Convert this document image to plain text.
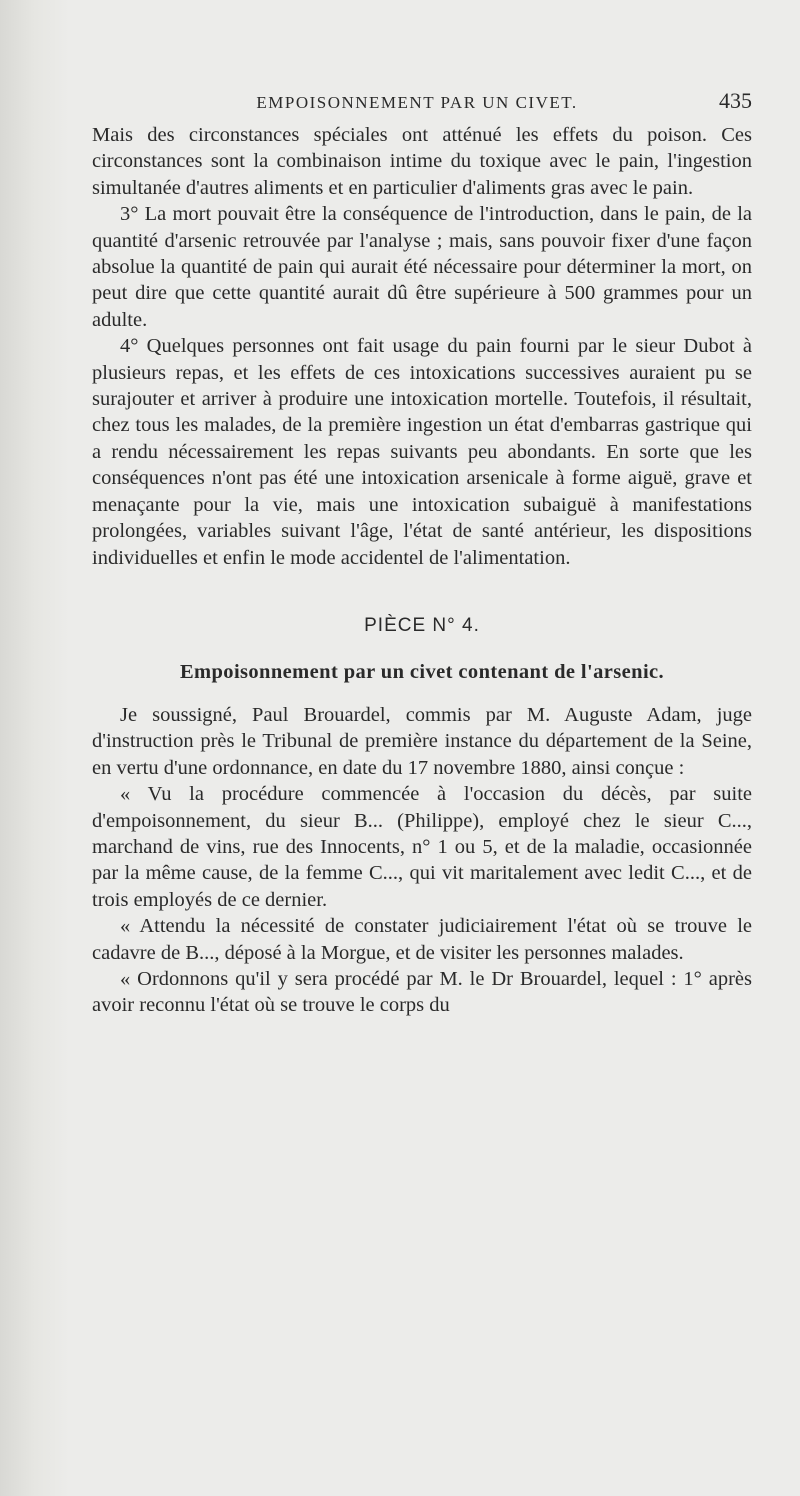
EMPOISONNEMENT PAR UN CIVET.	435

Mais des circonstances spéciales ont atténué les effets du poison. Ces circonstances sont la combinaison intime du toxique avec le pain, l'ingestion simultanée d'autres aliments et en particulier d'aliments gras avec le pain.

3° La mort pouvait être la conséquence de l'introduction, dans le pain, de la quantité d'arsenic retrouvée par l'analyse ; mais, sans pouvoir fixer d'une façon absolue la quantité de pain qui aurait été nécessaire pour déterminer la mort, on peut dire que cette quantité aurait dû être supérieure à 500 grammes pour un adulte.

4° Quelques personnes ont fait usage du pain fourni par le sieur Dubot à plusieurs repas, et les effets de ces intoxications successives auraient pu se surajouter et arriver à produire une intoxication mortelle. Toutefois, il résultait, chez tous les malades, de la première ingestion un état d'embarras gastrique qui a rendu nécessairement les repas suivants peu abondants. En sorte que les conséquences n'ont pas été une intoxication arsenicale à forme aiguë, grave et menaçante pour la vie, mais une intoxication subaiguë à manifestations prolongées, variables suivant l'âge, l'état de santé antérieur, les dispositions individuelles et enfin le mode accidentel de l'alimentation.

PIÈCE N° 4.
Empoisonnement par un civet contenant de l'arsenic.

Je soussigné, Paul Brouardel, commis par M. Auguste Adam, juge d'instruction près le Tribunal de première instance du département de la Seine, en vertu d'une ordonnance, en date du 17 novembre 1880, ainsi conçue :

« Vu la procédure commencée à l'occasion du décès, par suite d'empoisonnement, du sieur B... (Philippe), employé chez le sieur C..., marchand de vins, rue des Innocents, n° 1 ou 5, et de la maladie, occasionnée par la même cause, de la femme C..., qui vit maritalement avec ledit C..., et de trois employés de ce dernier.

« Attendu la nécessité de constater judiciairement l'état où se trouve le cadavre de B..., déposé à la Morgue, et de visiter les personnes malades.

« Ordonnons qu'il y sera procédé par M. le Dr Brouardel, lequel : 1° après avoir reconnu l'état où se trouve le corps du
